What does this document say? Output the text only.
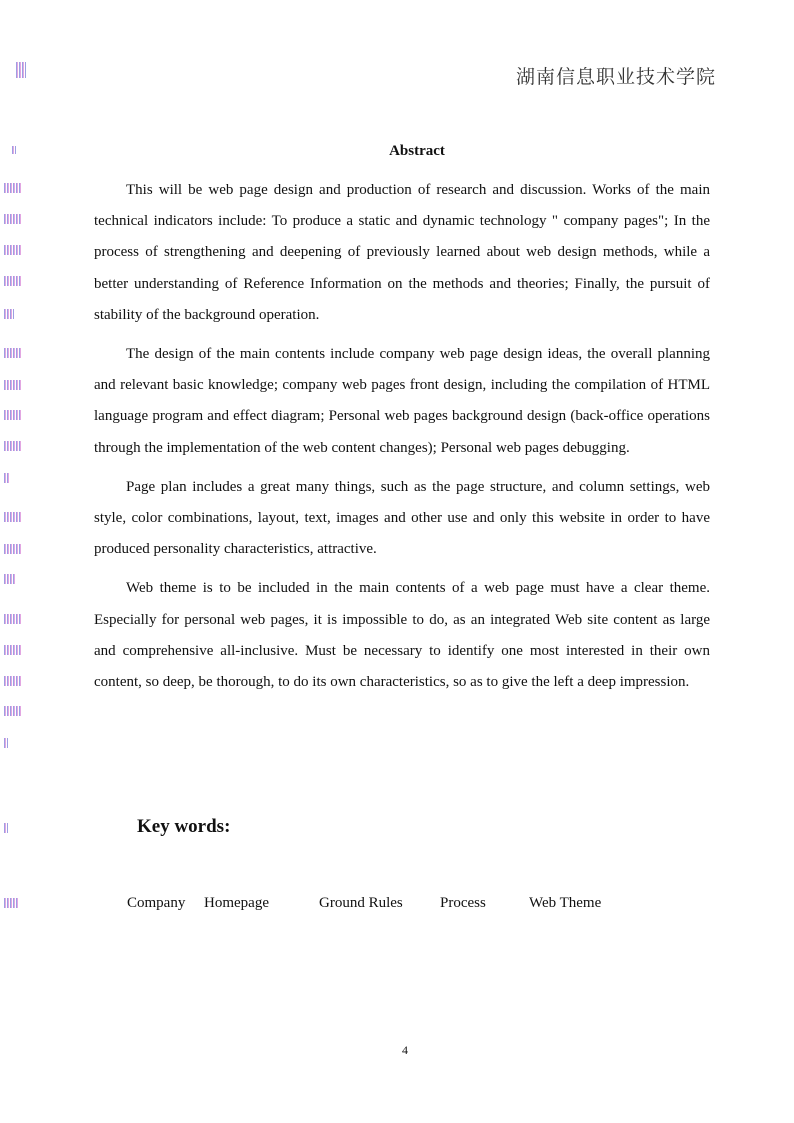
湖南信息职业技术学院
Abstract

This will be web page design and production of research and discussion. Works of the main technical indicators include: To produce a static and dynamic technology " company pages"; In the process of strengthening and deepening of previously learned about web design methods, while a better understanding of Reference Information on the methods and theories; Finally, the pursuit of stability of the background operation.

The design of the main contents include company web page design ideas, the overall planning and relevant basic knowledge; company web pages front design, including the compilation of HTML language program and effect diagram; Personal web pages background design (back-office operations through the implementation of the web content changes); Personal web pages debugging.

Page plan includes a great many things, such as the page structure, and column settings, web style, color combinations, layout, text, images and other use and only this website in order to have produced personality characteristics, attractive.

Web theme is to be included in the main contents of a web page must have a clear theme. Especially for personal web pages, it is impossible to do, as an integrated Web site content as large and comprehensive all-inclusive. Must be necessary to identify one most interested in their own content, so deep, be thorough, to do its own characteristics, so as to give the left a deep impression.

Key words:
Company Homepage	Ground Rules Process	Web Theme
4
